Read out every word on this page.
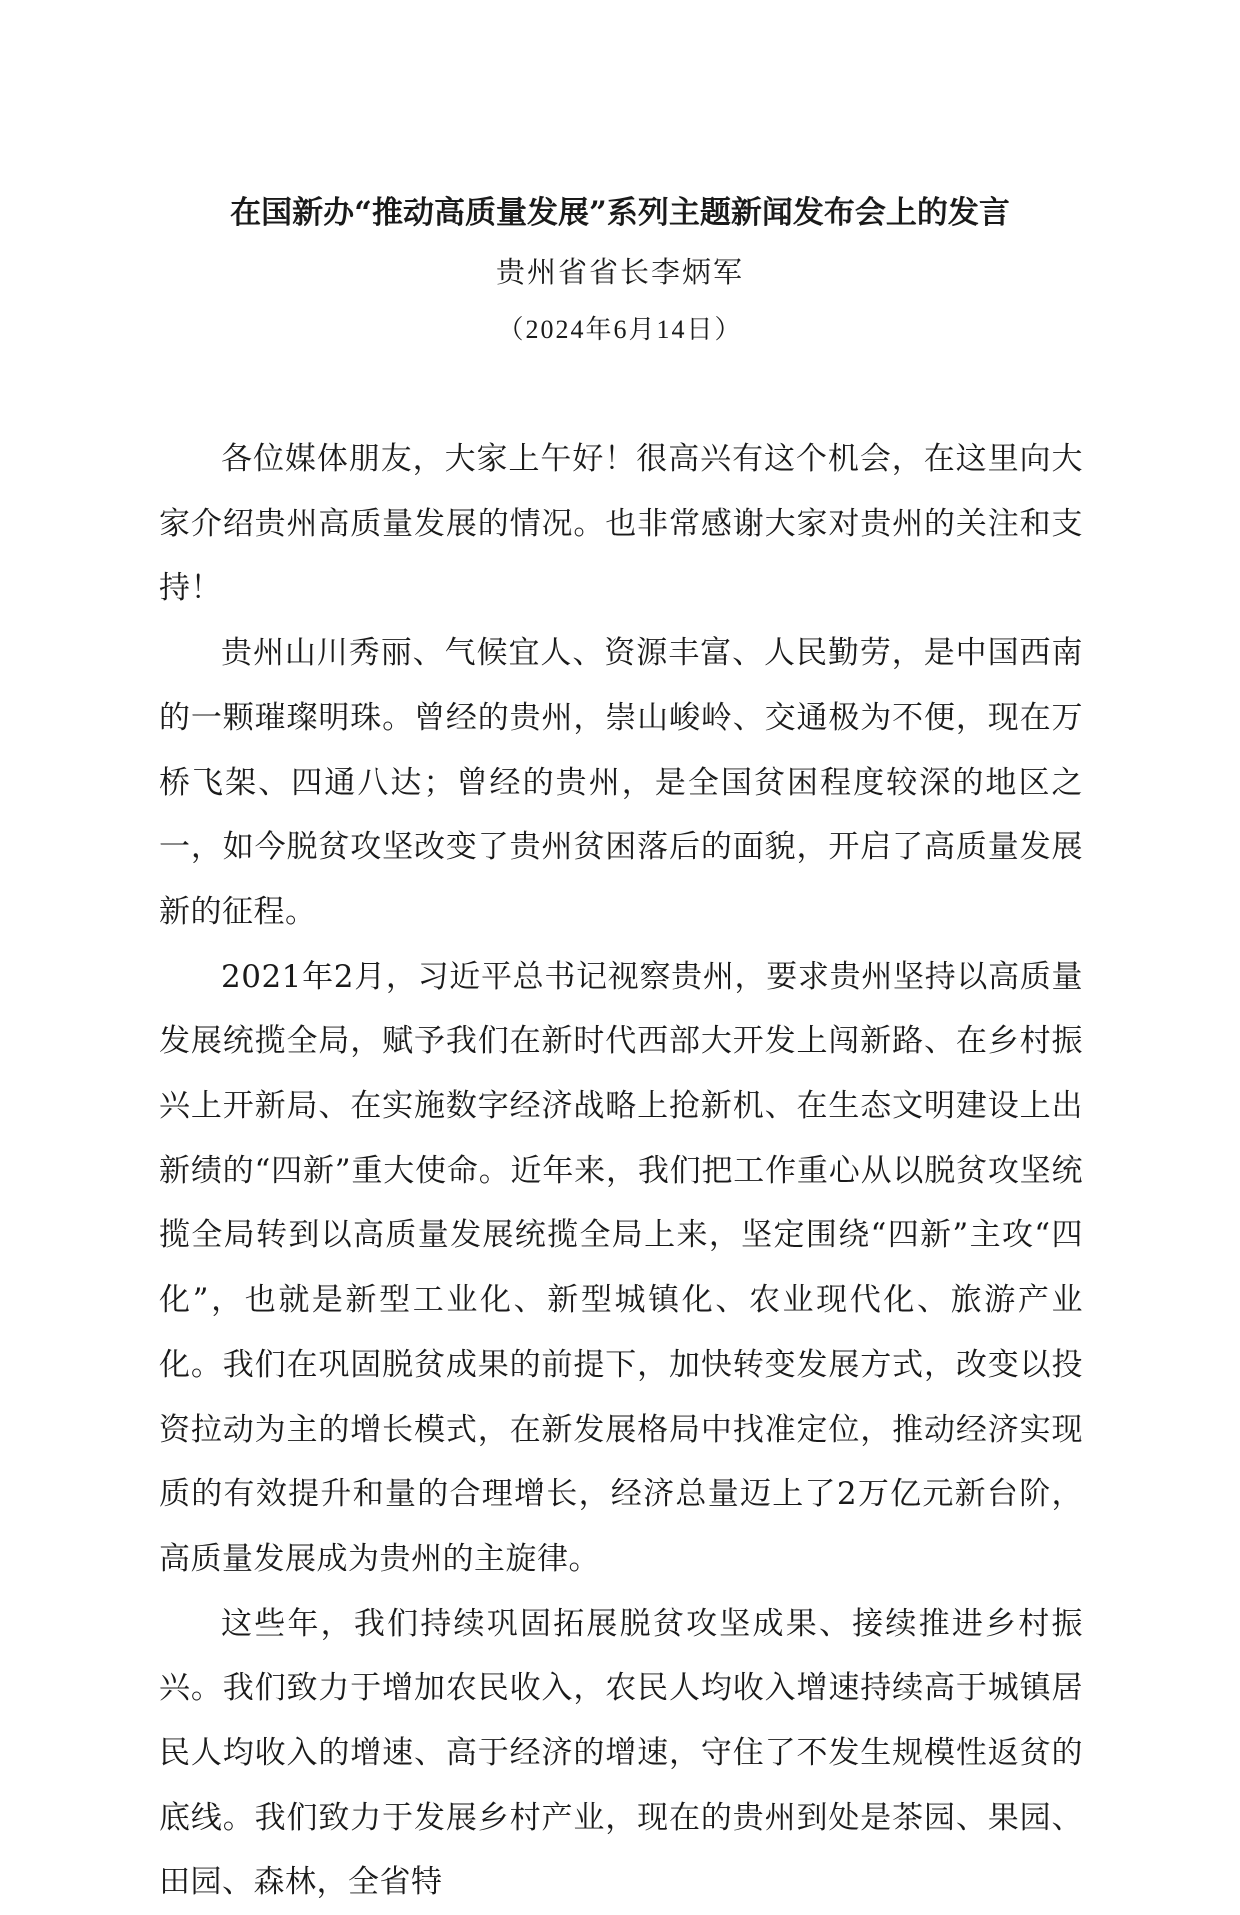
在国新办“推动高质量发展”系列主题新闻发布会上的发言
贵州省省长李炳军
（2024年6月14日）

各位媒体朋友，大家上午好！很高兴有这个机会，在这里向大家介绍贵州高质量发展的情况。也非常感谢大家对贵州的关注和支持！

贵州山川秀丽、气候宜人、资源丰富、人民勤劳，是中国西南的一颗璀璨明珠。曾经的贵州，崇山峻岭、交通极为不便，现在万桥飞架、四通八达；曾经的贵州，是全国贫困程度较深的地区之一，如今脱贫攻坚改变了贵州贫困落后的面貌，开启了高质量发展新的征程。

2021年2月，习近平总书记视察贵州，要求贵州坚持以高质量发展统揽全局，赋予我们在新时代西部大开发上闯新路、在乡村振兴上开新局、在实施数字经济战略上抢新机、在生态文明建设上出新绩的“四新”重大使命。近年来，我们把工作重心从以脱贫攻坚统揽全局转到以高质量发展统揽全局上来，坚定围绕“四新”主攻“四化”，也就是新型工业化、新型城镇化、农业现代化、旅游产业化。我们在巩固脱贫成果的前提下，加快转变发展方式，改变以投资拉动为主的增长模式，在新发展格局中找准定位，推动经济实现质的有效提升和量的合理增长，经济总量迈上了2万亿元新台阶，高质量发展成为贵州的主旋律。

这些年，我们持续巩固拓展脱贫攻坚成果、接续推进乡村振兴。我们致力于增加农民收入，农民人均收入增速持续高于城镇居民人均收入的增速、高于经济的增速，守住了不发生规模性返贫的底线。我们致力于发展乡村产业，现在的贵州到处是茶园、果园、田园、森林，全省特
